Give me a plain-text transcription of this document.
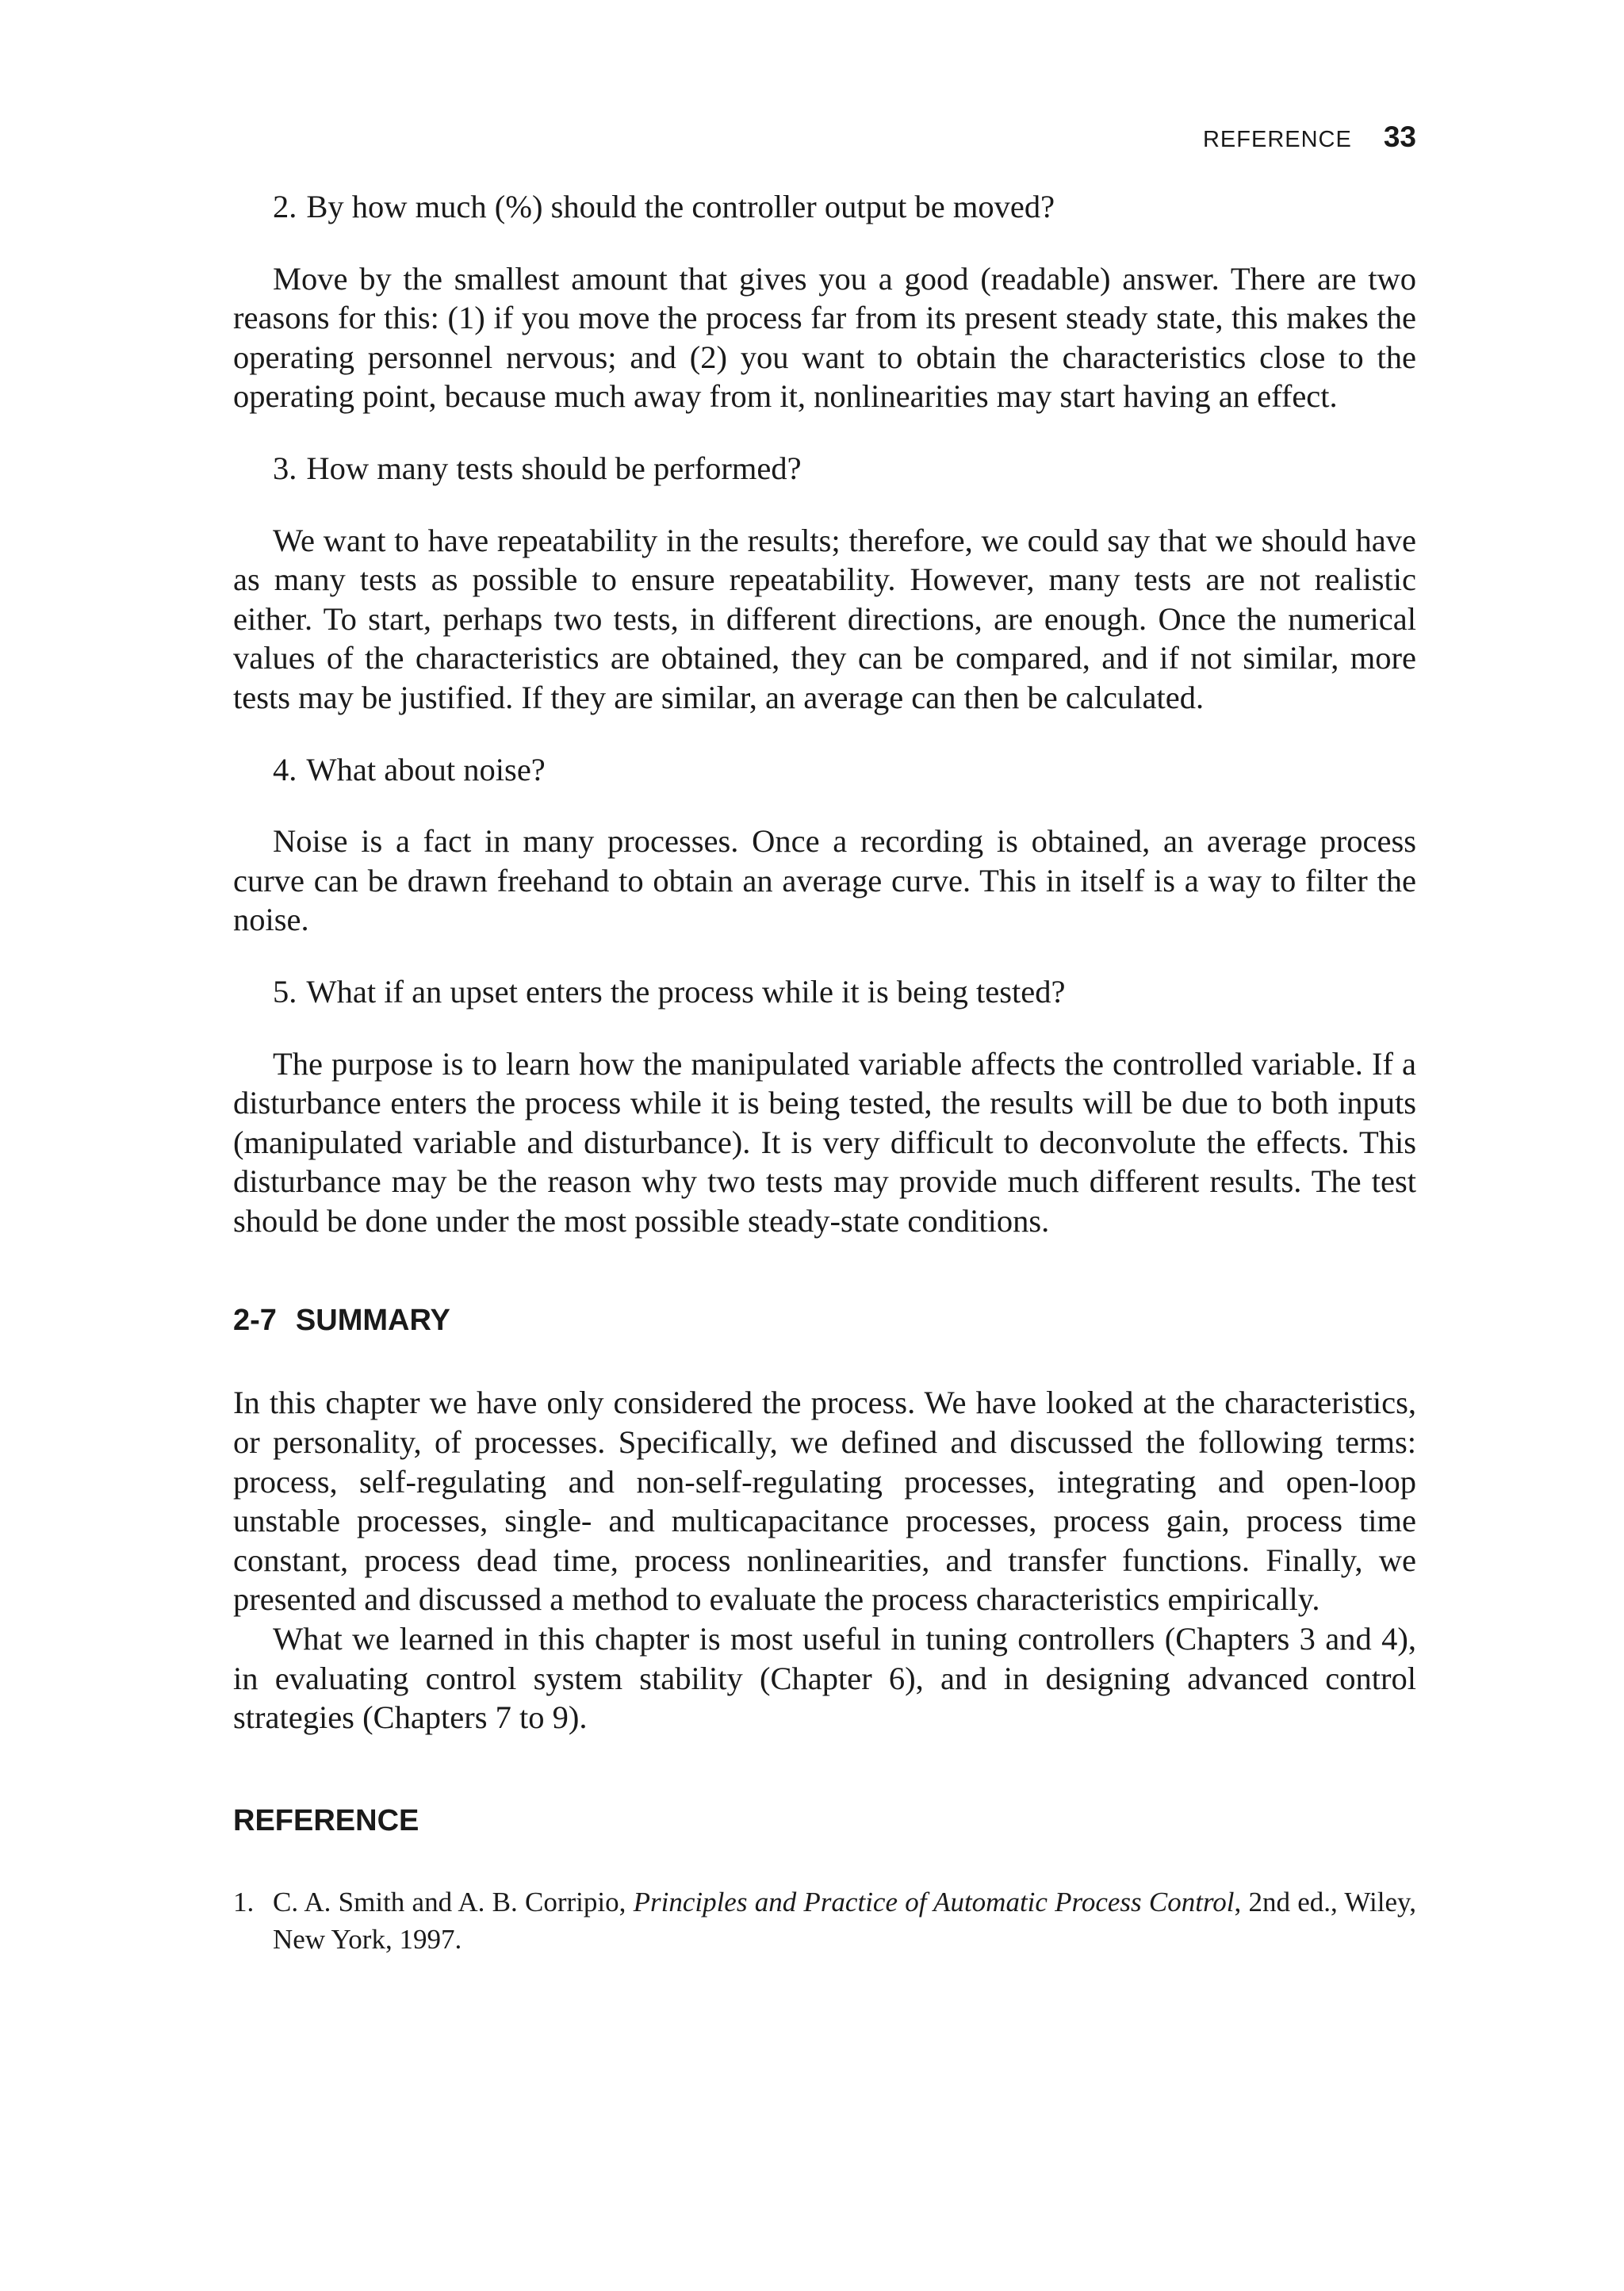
REFERENCE 33

2. By how much (%) should the controller output be moved?

Move by the smallest amount that gives you a good (readable) answer. There are two reasons for this: (1) if you move the process far from its present steady state, this makes the operating personnel nervous; and (2) you want to obtain the characteristics close to the operating point, because much away from it, nonlinearities may start having an effect.

3. How many tests should be performed?

We want to have repeatability in the results; therefore, we could say that we should have as many tests as possible to ensure repeatability. However, many tests are not realistic either. To start, perhaps two tests, in different directions, are enough. Once the numerical values of the characteristics are obtained, they can be compared, and if not similar, more tests may be justified. If they are similar, an average can then be calculated.

4. What about noise?

Noise is a fact in many processes. Once a recording is obtained, an average process curve can be drawn freehand to obtain an average curve. This in itself is a way to filter the noise.

5. What if an upset enters the process while it is being tested?

The purpose is to learn how the manipulated variable affects the controlled variable. If a disturbance enters the process while it is being tested, the results will be due to both inputs (manipulated variable and disturbance). It is very difficult to deconvolute the effects. This disturbance may be the reason why two tests may provide much different results. The test should be done under the most possible steady-state conditions.

2-7 SUMMARY

In this chapter we have only considered the process. We have looked at the characteristics, or personality, of processes. Specifically, we defined and discussed the following terms: process, self-regulating and non-self-regulating processes, integrating and open-loop unstable processes, single- and multicapacitance processes, process gain, process time constant, process dead time, process nonlinearities, and transfer functions. Finally, we presented and discussed a method to evaluate the process characteristics empirically.

What we learned in this chapter is most useful in tuning controllers (Chapters 3 and 4), in evaluating control system stability (Chapter 6), and in designing advanced control strategies (Chapters 7 to 9).

REFERENCE
1. C. A. Smith and A. B. Corripio, Principles and Practice of Automatic Process Control, 2nd ed., Wiley, New York, 1997.
